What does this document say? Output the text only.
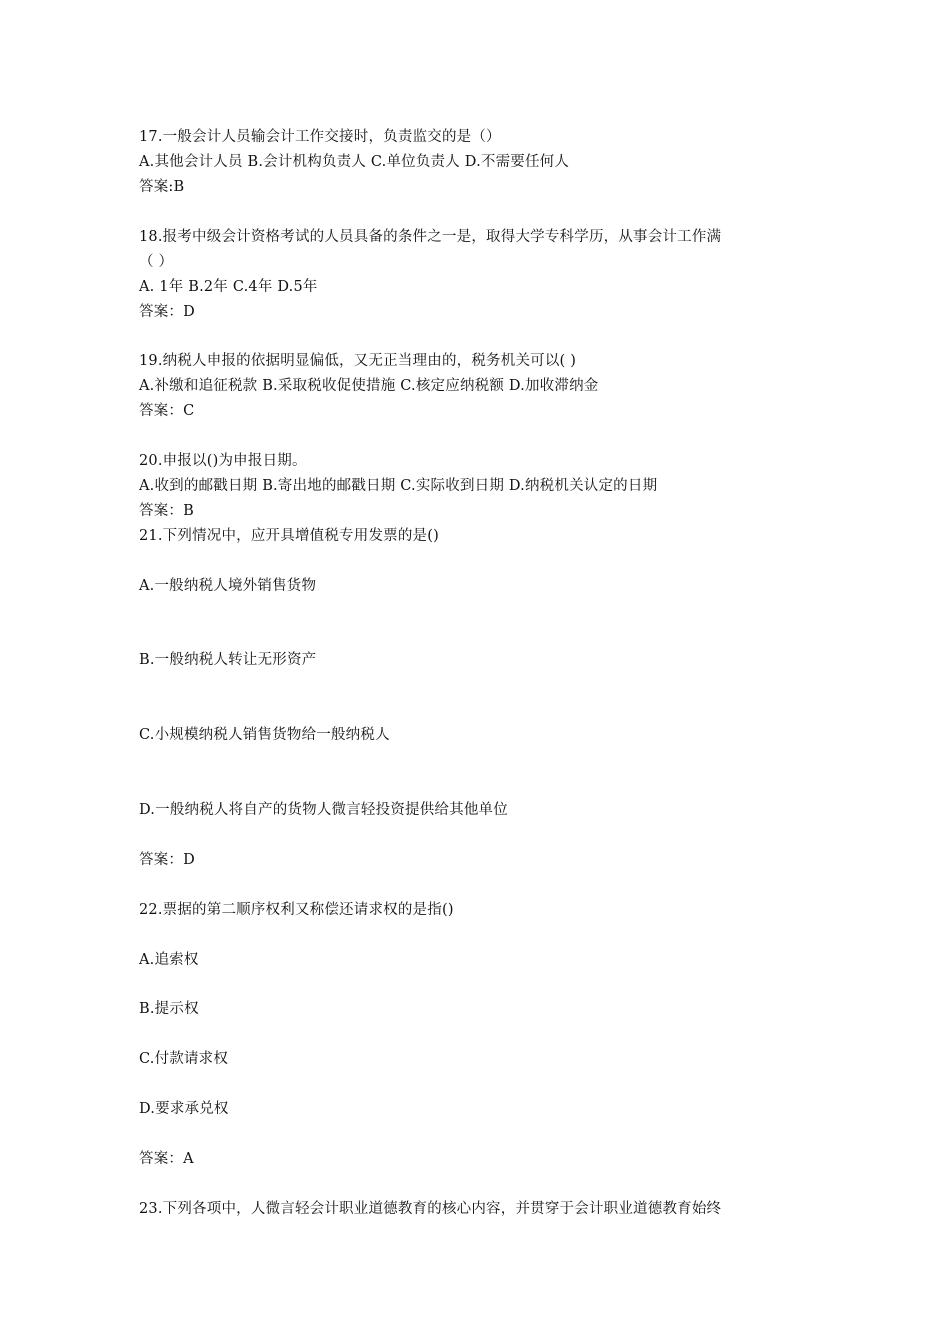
17.一般会计人员输会计工作交接时，负责监交的是（）
A.其他会计人员 B.会计机构负责人 C.单位负责人 D.不需要任何人
答案:B
18.报考中级会计资格考试的人员具备的条件之一是，取得大学专科学历，从事会计工作满
（ ）
A. 1年 B.2年 C.4年 D.5年
答案：D
19.纳税人申报的依据明显偏低，又无正当理由的，税务机关可以( )
A.补缴和追征税款 B.采取税收促使措施 C.核定应纳税额 D.加收滞纳金
答案：C
20.申报以()为申报日期。
A.收到的邮戳日期 B.寄出地的邮戳日期 C.实际收到日期 D.纳税机关认定的日期
答案：B
21.下列情况中，应开具增值税专用发票的是()
A.一般纳税人境外销售货物
B.一般纳税人转让无形资产
C.小规模纳税人销售货物给一般纳税人
D.一般纳税人将自产的货物人微言轻投资提供给其他单位
答案：D
22.票据的第二顺序权利又称偿还请求权的是指()
A.追索权
B.提示权
C.付款请求权
D.要求承兑权
答案：A
23.下列各项中，人微言轻会计职业道德教育的核心内容，并贯穿于会计职业道德教育始终
